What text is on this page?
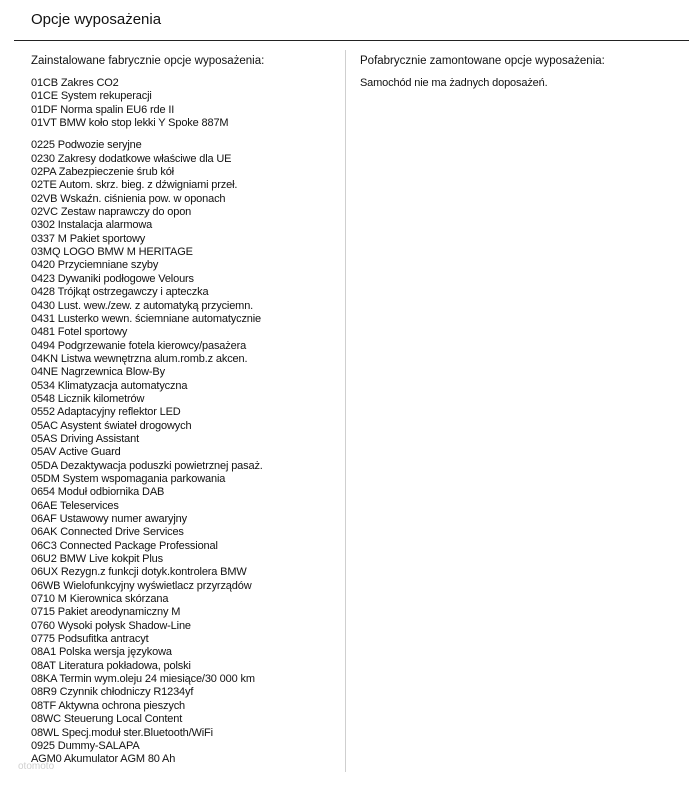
Opcje wyposażenia
Zainstalowane fabrycznie opcje wyposażenia:
01CB Zakres CO2
01CE System rekuperacji
01DF Norma spalin EU6 rde II
01VT BMW koło stop lekki Y Spoke 887M
0225 Podwozie seryjne
0230 Zakresy dodatkowe właściwe dla UE
02PA Zabezpieczenie śrub kół
02TE Autom. skrz. bieg. z dźwigniami przeł.
02VB Wskaźn. ciśnienia pow. w oponach
02VC Zestaw naprawczy do opon
0302 Instalacja alarmowa
0337 M Pakiet sportowy
03MQ LOGO BMW M HERITAGE
0420 Przyciemniane szyby
0423 Dywaniki podłogowe Velours
0428 Trójkąt ostrzegawczy i apteczka
0430 Lust. wew./zew. z automatyką przyciemn.
0431 Lusterko wewn. ściemniane automatycznie
0481 Fotel sportowy
0494 Podgrzewanie fotela kierowcy/pasażera
04KN Listwa wewnętrzna alum.romb.z akcen.
04NE Nagrzewnica Blow-By
0534 Klimatyzacja automatyczna
0548 Licznik kilometrów
0552 Adaptacyjny reflektor LED
05AC Asystent świateł drogowych
05AS Driving Assistant
05AV Active Guard
05DA Dezaktywacja poduszki powietrznej pasaż.
05DM System wspomagania parkowania
0654 Moduł odbiornika DAB
06AE Teleservices
06AF Ustawowy numer awaryjny
06AK Connected Drive Services
06C3 Connected Package Professional
06U2 BMW Live kokpit Plus
06UX Rezygn.z funkcji dotyk.kontrolera BMW
06WB Wielofunkcyjny wyświetlacz przyrządów
0710 M Kierownica skórzana
0715 Pakiet areodynamiczny M
0760 Wysoki połysk Shadow-Line
0775 Podsufitka antracyt
08A1 Polska wersja językowa
08AT Literatura pokładowa, polski
08KA Termin wym.oleju 24 miesiące/30 000 km
08R9 Czynnik chłodniczy R1234yf
08TF Aktywna ochrona pieszych
08WC Steuerung Local Content
08WL Specj.moduł ster.Bluetooth/WiFi
0925 Dummy-SALAPA
AGM0 Akumulator AGM 80 Ah
Pofabrycznie zamontowane opcje wyposażenia:
Samochód nie ma żadnych doposażeń.
otomoto
